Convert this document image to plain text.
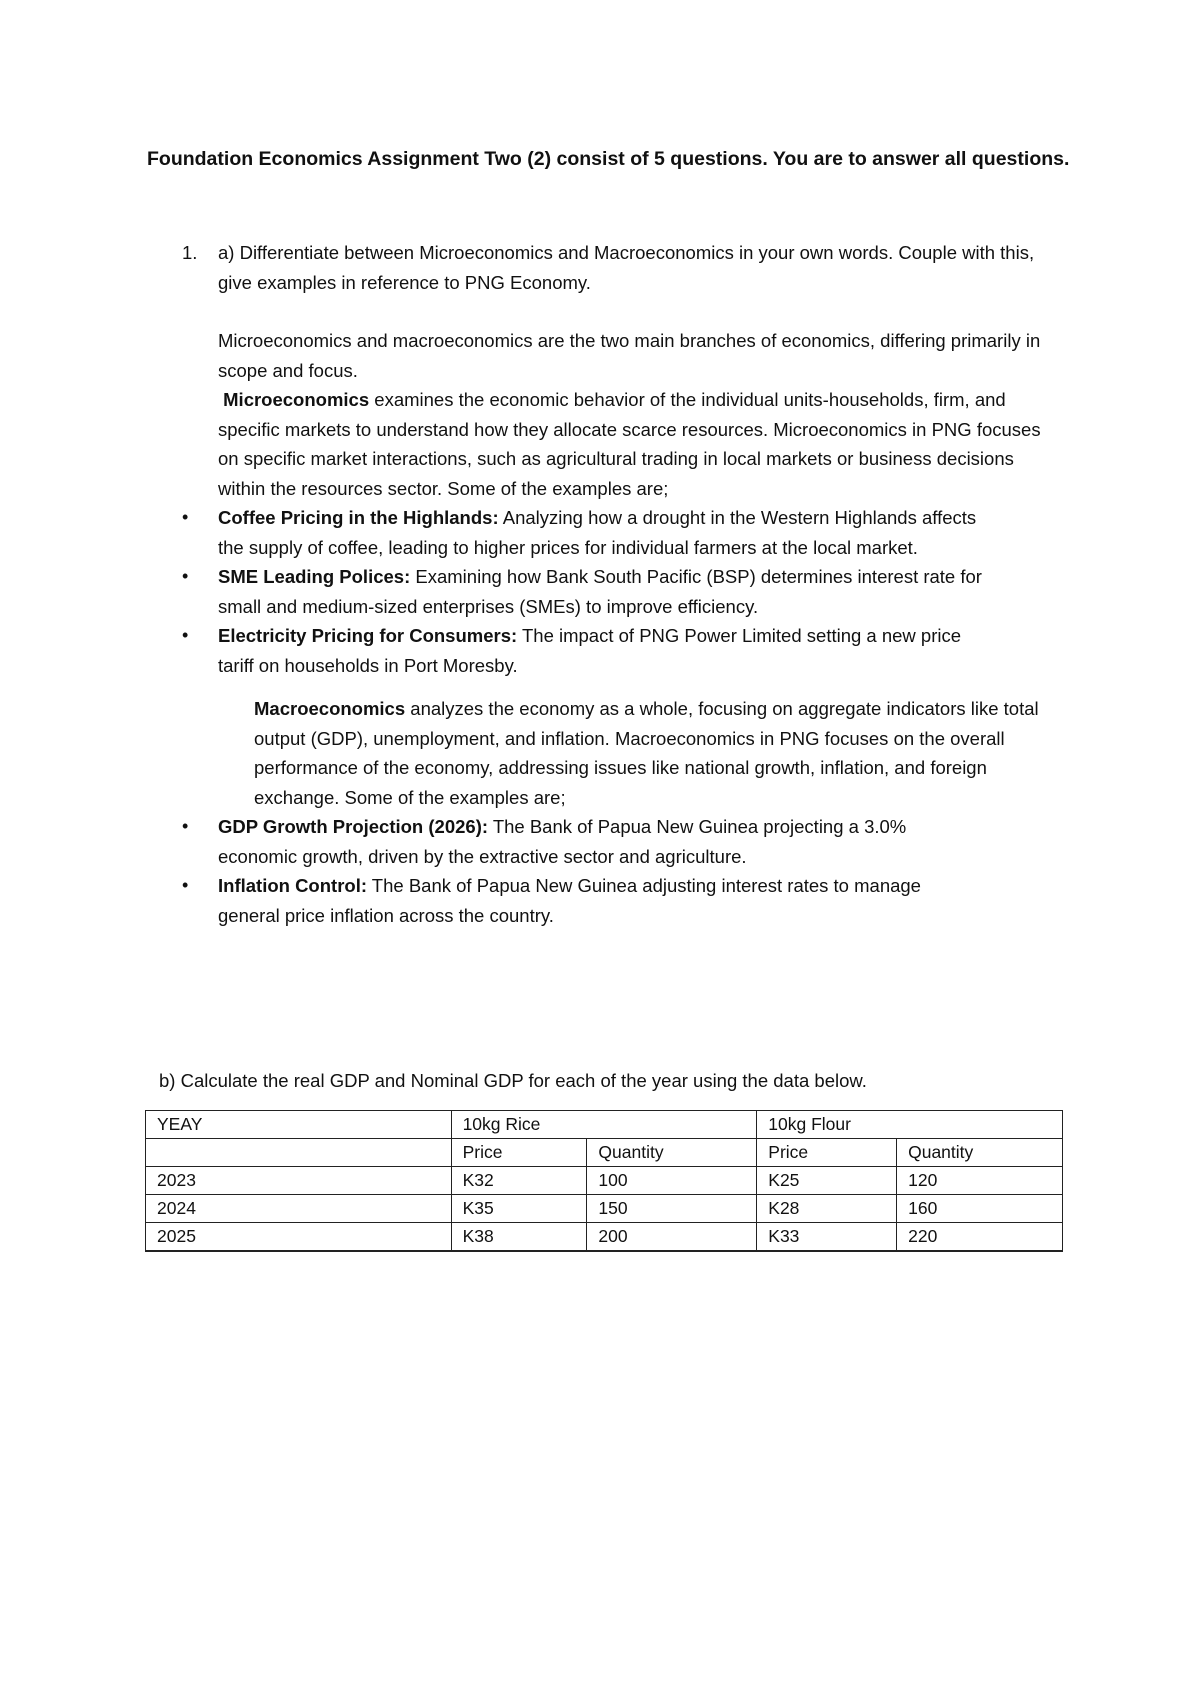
Foundation Economics Assignment Two (2) consist of 5 questions. You are to answer all questions.
1. a) Differentiate between Microeconomics and Macroeconomics in your own words. Couple with this, give examples in reference to PNG Economy.

Microeconomics and macroeconomics are the two main branches of economics, differing primarily in scope and focus.

Microeconomics examines the economic behavior of the individual units-households, firm, and specific markets to understand how they allocate scarce resources. Microeconomics in PNG focuses on specific market interactions, such as agricultural trading in local markets or business decisions within the resources sector. Some of the examples are;

• Coffee Pricing in the Highlands: Analyzing how a drought in the Western Highlands affects the supply of coffee, leading to higher prices for individual farmers at the local market.
• SME Leading Polices: Examining how Bank South Pacific (BSP) determines interest rate for small and medium-sized enterprises (SMEs) to improve efficiency.
• Electricity Pricing for Consumers: The impact of PNG Power Limited setting a new price tariff on households in Port Moresby.

Macroeconomics analyzes the economy as a whole, focusing on aggregate indicators like total output (GDP), unemployment, and inflation. Macroeconomics in PNG focuses on the overall performance of the economy, addressing issues like national growth, inflation, and foreign exchange. Some of the examples are;

• GDP Growth Projection (2026): The Bank of Papua New Guinea projecting a 3.0% economic growth, driven by the extractive sector and agriculture.
• Inflation Control: The Bank of Papua New Guinea adjusting interest rates to manage general price inflation across the country.
b) Calculate the real GDP and Nominal GDP for each of the year using the data below.
YEAY	10kg Rice		10kg Flour	
	Price	Quantity	Price	Quantity
2023	K32	100	K25	120
2024	K35	150	K28	160
2025	K38	200	K33	220
